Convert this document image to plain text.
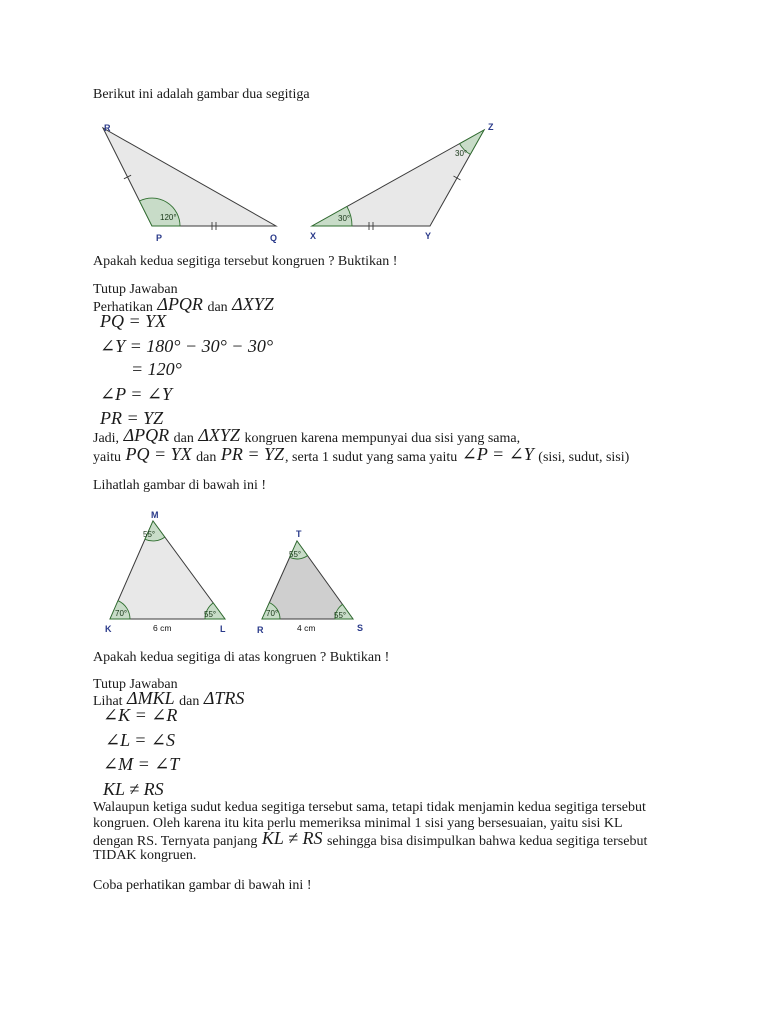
Berikut ini adalah gambar dua segitiga
120°
R
P	Q
30°
30°
Z
X	Y
Apakah kedua segitiga tersebut kongruen ? Buktikan !
Tutup Jawaban
Perhatikan ΔPQR dan ΔXYZ
PQ = YX
∠Y = 180° − 30° − 30°
= 120°
∠P = ∠Y
PR = YZ
Jadi, ΔPQR dan ΔXYZ kongruen karena mempunyai dua sisi yang sama,
yaitu PQ = YX dan PR = YZ, serta 1 sudut yang sama yaitu ∠P = ∠Y (sisi, sudut, sisi)
Lihatlah gambar di bawah ini !
55°
70°	55°
M
K	L
6 cm
55°
70°	55°
T
R	S
4 cm
Apakah kedua segitiga di atas kongruen ? Buktikan !
Tutup Jawaban
Lihat ΔMKL dan ΔTRS
∠K = ∠R
∠L = ∠S
∠M = ∠T
KL ≠ RS
Walaupun ketiga sudut kedua segitiga tersebut sama, tetapi tidak menjamin kedua segitiga tersebut
kongruen. Oleh karena itu kita perlu memeriksa minimal 1 sisi yang bersesuaian, yaitu sisi KL
dengan RS. Ternyata panjang KL ≠ RS sehingga bisa disimpulkan bahwa kedua segitiga tersebut
TIDAK kongruen.
Coba perhatikan gambar di bawah ini !
